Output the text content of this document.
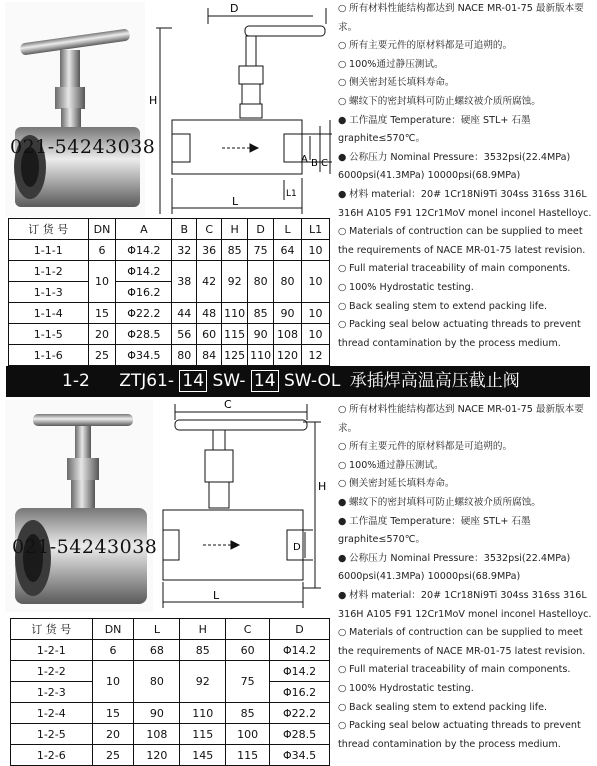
021-54243038
D
H
A B C
L
L1

○ 所有材料性能结构都达到 NACE MR-01-75 最新版本要求。

○ 所有主要元件的原材料都是可追朔的。

○ 100%通过静压测试。

○ 侧关密封延长填料寿命。

○ 螺纹下的密封填料可防止螺纹被介质所腐蚀。

● 工作温度 Temperature：硬座 STL+ 石墨 graphite≤570℃。

● 公称压力 Nominal Pressure：3532psi(22.4MPa) 6000psi(41.3MPa) 10000psi(68.9MPa)

● 材料 material：20# 1Cr18Ni9Ti 304ss 316ss 316L 316H A105 F91 12Cr1MoV monel inconel Hastelloyc.

○ Materials of contruction can be supplied to meet the requirements of NACE MR-01-75 latest revision.

○ Full material traceability of main components.

○ 100% Hydrostatic testing.

○ Back sealing stem to extend packing life.

○ Packing seal below actuating threads to prevent thread contamination by the process medium.

订 货 号	DN	A	B	C	H	D	L	L1
1-1-1	6	Φ14.2	32	36	85	75	64	10
1-1-2	10	Φ14.2	38	42	92	80	80	10
1-1-3		Φ16.2						
1-1-4	15	Φ22.2	44	48	110	85	90	10
1-1-5	20	Φ28.5	56	60	115	90	108	10
1-1-6	25	Φ34.5	80	84	125	110	120	12
1-2 ZTJ61- 14 SW- 14 SW-OL 承插焊高温高压截止阀
021-54243038
C
H
D
L

○ 所有材料性能结构都达到 NACE MR-01-75 最新版本要求。

○ 所有主要元件的原材料都是可追朔的。

○ 100%通过静压测试。

○ 侧关密封延长填料寿命。

● 螺纹下的密封填料可防止螺纹被介质所腐蚀。

● 工作温度 Temperature：硬座 STL+ 石墨 graphite≤570℃。

● 公称压力 Nominal Pressure：3532psi(22.4MPa) 6000psi(41.3MPa) 10000psi(68.9MPa)

● 材料 material：20# 1Cr18Ni9Ti 304ss 316ss 316L 316H A105 F91 12Cr1MoV monel inconel Hastelloyc.

○ Materials of contruction can be supplied to meet the requirements of NACE MR-01-75 latest revision.

○ Full material traceability of main components.

○ 100% Hydrostatic testing.

○ Back sealing stem to extend packing life.

○ Packing seal below actuating threads to prevent thread contamination by the process medium.

订 货 号	DN	L	H	C	D
1-2-1	6	68	85	60	Φ14.2
1-2-2	10	80	92	75	Φ14.2
1-2-3					Φ16.2
1-2-4	15	90	110	85	Φ22.2
1-2-5	20	108	115	100	Φ28.5
1-2-6	25	120	145	115	Φ34.5
